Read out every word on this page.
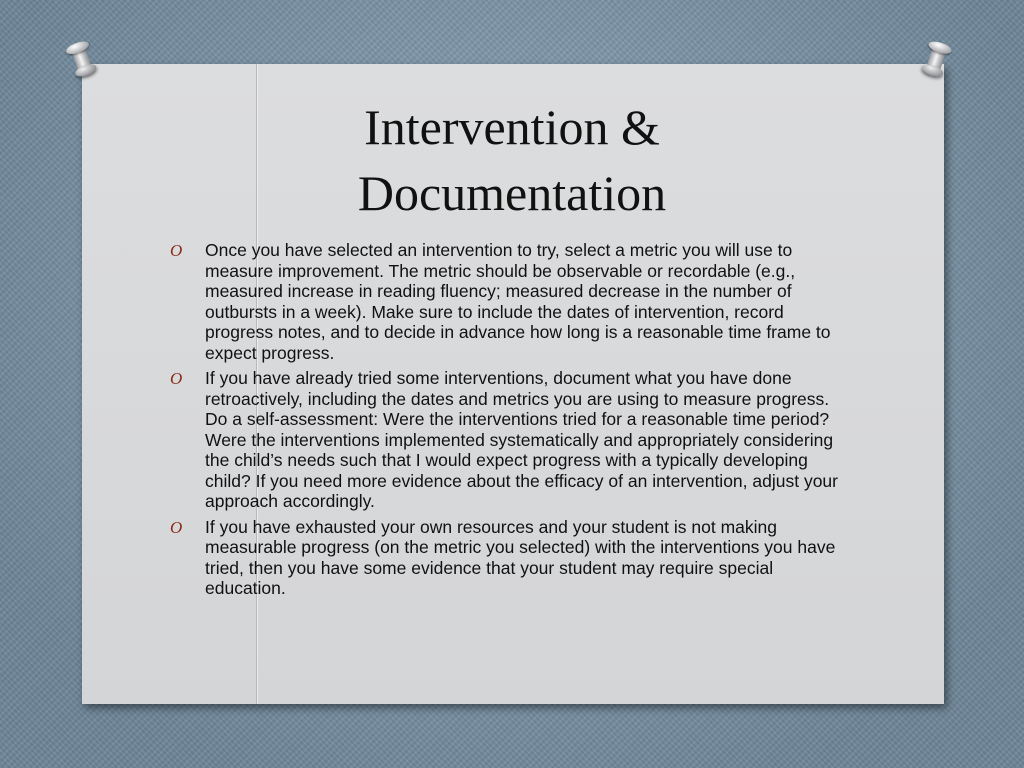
Intervention &
Documentation
O Once you have selected an intervention to try, select a metric you will use to measure improvement. The metric should be observable or recordable (e.g., measured increase in reading fluency; measured decrease in the number of outbursts in a week). Make sure to include the dates of intervention, record progress notes, and to decide in advance how long is a reasonable time frame to expect progress.
O If you have already tried some interventions, document what you have done retroactively, including the dates and metrics you are using to measure progress. Do a self-assessment: Were the interventions tried for a reasonable time period? Were the interventions implemented systematically and appropriately considering the child’s needs such that I would expect progress with a typically developing child? If you need more evidence about the efficacy of an intervention, adjust your approach accordingly.
O If you have exhausted your own resources and your student is not making measurable progress (on the metric you selected) with the interventions you have tried, then you have some evidence that your student may require special education.
